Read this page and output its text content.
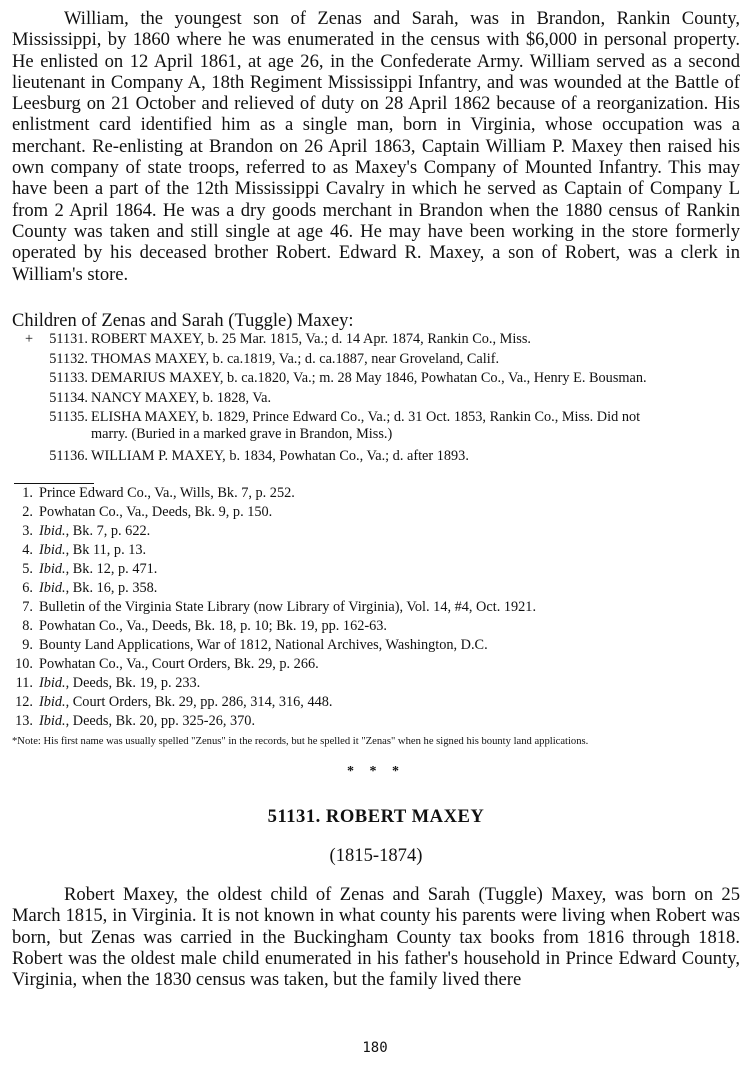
William, the youngest son of Zenas and Sarah, was in Brandon, Rankin County, Mississippi, by 1860 where he was enumerated in the census with $6,000 in personal property. He enlisted on 12 April 1861, at age 26, in the Confederate Army. William served as a second lieutenant in Company A, 18th Regiment Mississippi Infantry, and was wounded at the Battle of Leesburg on 21 October and relieved of duty on 28 April 1862 because of a reorganization. His enlistment card identified him as a single man, born in Virginia, whose occupation was a merchant. Re-enlisting at Brandon on 26 April 1863, Captain William P. Maxey then raised his own company of state troops, referred to as Maxey's Company of Mounted Infantry. This may have been a part of the 12th Mississippi Cavalry in which he served as Captain of Company L from 2 April 1864. He was a dry goods merchant in Brandon when the 1880 census of Rankin County was taken and still single at age 46. He may have been working in the store formerly operated by his deceased brother Robert. Edward R. Maxey, a son of Robert, was a clerk in William's store.

Children of Zenas and Sarah (Tuggle) Maxey:
+ 51131. ROBERT MAXEY, b. 25 Mar. 1815, Va.; d. 14 Apr. 1874, Rankin Co., Miss.
51132. THOMAS MAXEY, b. ca.1819, Va.; d. ca.1887, near Groveland, Calif.
51133. DEMARIUS MAXEY, b. ca.1820, Va.; m. 28 May 1846, Powhatan Co., Va., Henry E. Bousman.
51134. NANCY MAXEY, b. 1828, Va.
51135. ELISHA MAXEY, b. 1829, Prince Edward Co., Va.; d. 31 Oct. 1853, Rankin Co., Miss. Did not
marry. (Buried in a marked grave in Brandon, Miss.)
51136. WILLIAM P. MAXEY, b. 1834, Powhatan Co., Va.; d. after 1893.
1. Prince Edward Co., Va., Wills, Bk. 7, p. 252.
2. Powhatan Co., Va., Deeds, Bk. 9, p. 150.
3. Ibid., Bk. 7, p. 622.
4. Ibid., Bk 11, p. 13.
5. Ibid., Bk. 12, p. 471.
6. Ibid., Bk. 16, p. 358.
7. Bulletin of the Virginia State Library (now Library of Virginia), Vol. 14, #4, Oct. 1921.
8. Powhatan Co., Va., Deeds, Bk. 18, p. 10; Bk. 19, pp. 162-63.
9. Bounty Land Applications, War of 1812, National Archives, Washington, D.C.
10. Powhatan Co., Va., Court Orders, Bk. 29, p. 266.
11. Ibid., Deeds, Bk. 19, p. 233.
12. Ibid., Court Orders, Bk. 29, pp. 286, 314, 316, 448.
13. Ibid., Deeds, Bk. 20, pp. 325-26, 370.
*Note: His first name was usually spelled "Zenus" in the records, but he spelled it "Zenas" when he signed his bounty land applications.
* * *
51131. ROBERT MAXEY
(1815-1874)

Robert Maxey, the oldest child of Zenas and Sarah (Tuggle) Maxey, was born on 25 March 1815, in Virginia. It is not known in what county his parents were living when Robert was born, but Zenas was carried in the Buckingham County tax books from 1816 through 1818. Robert was the oldest male child enumerated in his father's household in Prince Edward County, Virginia, when the 1830 census was taken, but the family lived there

180
